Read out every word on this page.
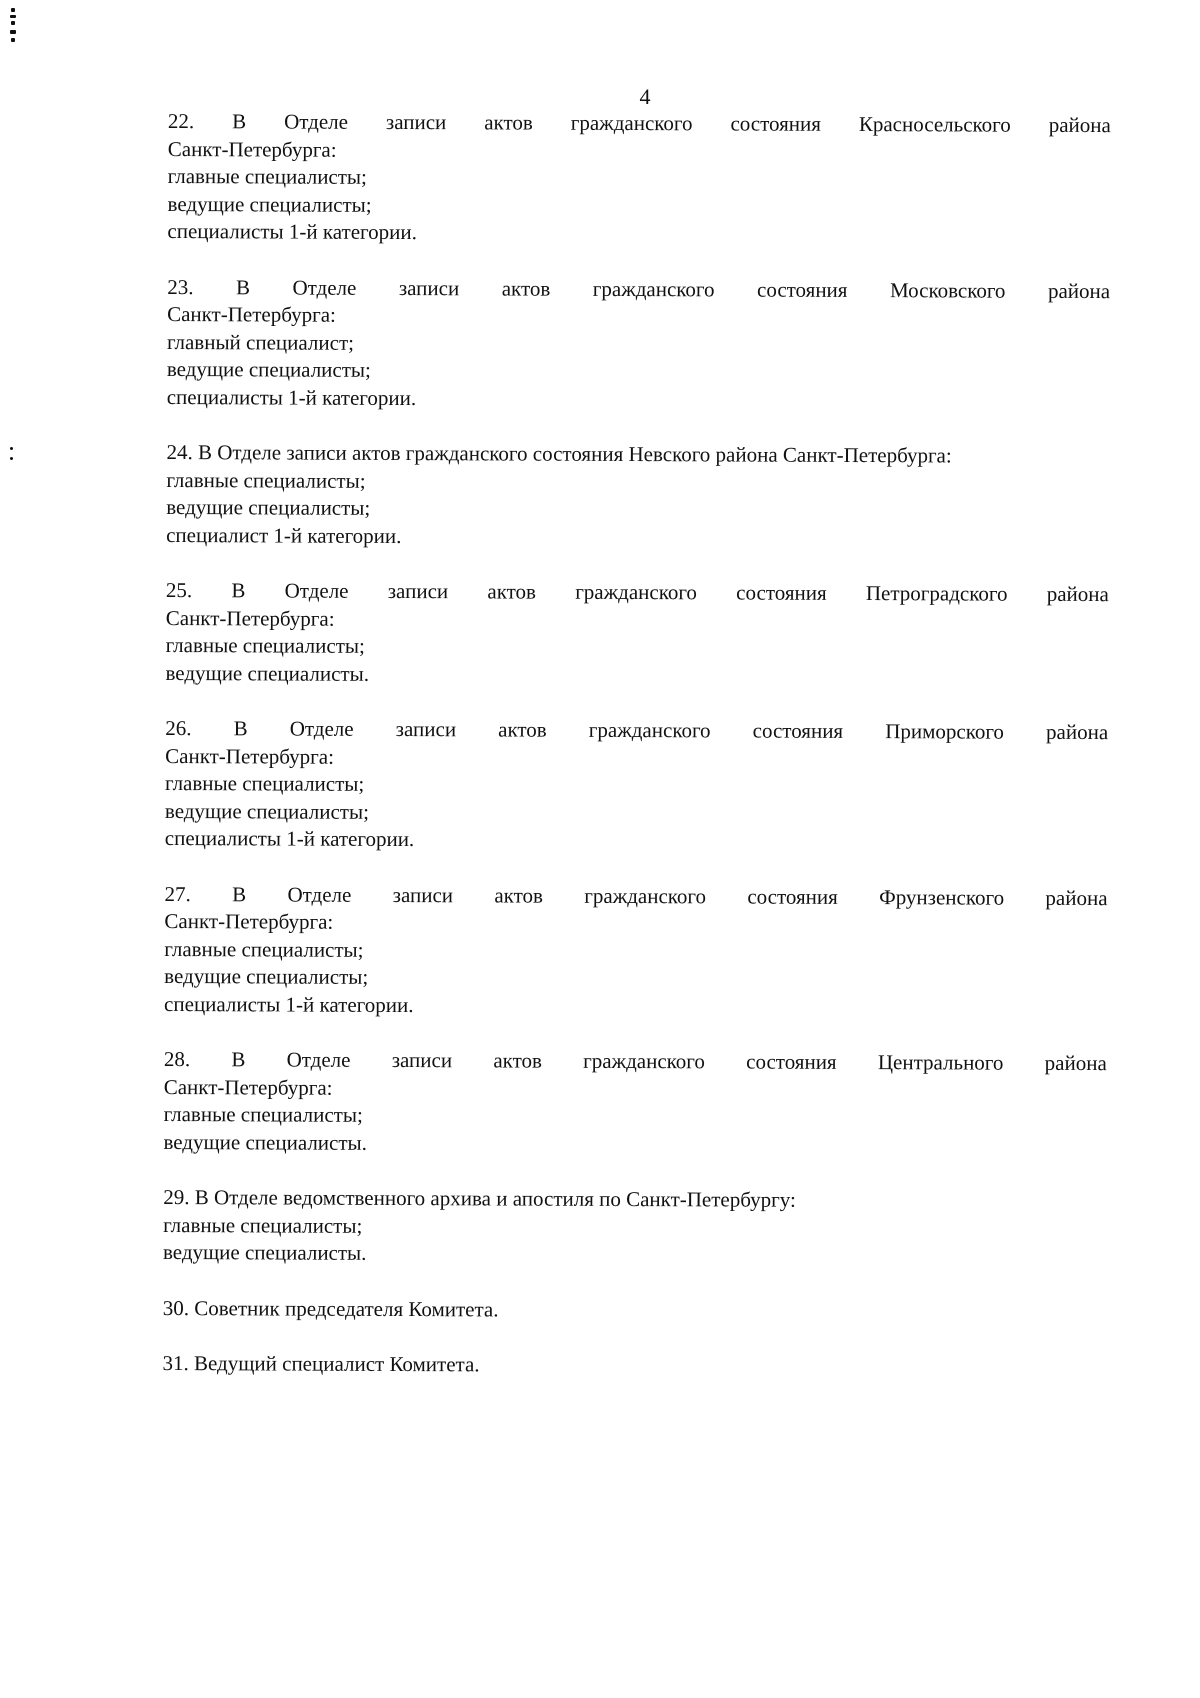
4
22. В Отделе записи актов гражданского состояния Красносельского района
Санкт-Петербурга:
главные специалисты;
ведущие специалисты;
специалисты 1-й категории.
23. В Отделе записи актов гражданского состояния Московского района
Санкт-Петербурга:
главный специалист;
ведущие специалисты;
специалисты 1-й категории.
24. В Отделе записи актов гражданского состояния Невского района Санкт-Петербурга:
главные специалисты;
ведущие специалисты;
специалист 1-й категории.
25. В Отделе записи актов гражданского состояния Петроградского района
Санкт-Петербурга:
главные специалисты;
ведущие специалисты.
26. В Отделе записи актов гражданского состояния Приморского района
Санкт-Петербурга:
главные специалисты;
ведущие специалисты;
специалисты 1-й категории.
27. В Отделе записи актов гражданского состояния Фрунзенского района
Санкт-Петербурга:
главные специалисты;
ведущие специалисты;
специалисты 1-й категории.
28. В Отделе записи актов гражданского состояния Центрального района
Санкт-Петербурга:
главные специалисты;
ведущие специалисты.
29. В Отделе ведомственного архива и апостиля по Санкт-Петербургу:
главные специалисты;
ведущие специалисты.
30. Советник председателя Комитета.
31. Ведущий специалист Комитета.
